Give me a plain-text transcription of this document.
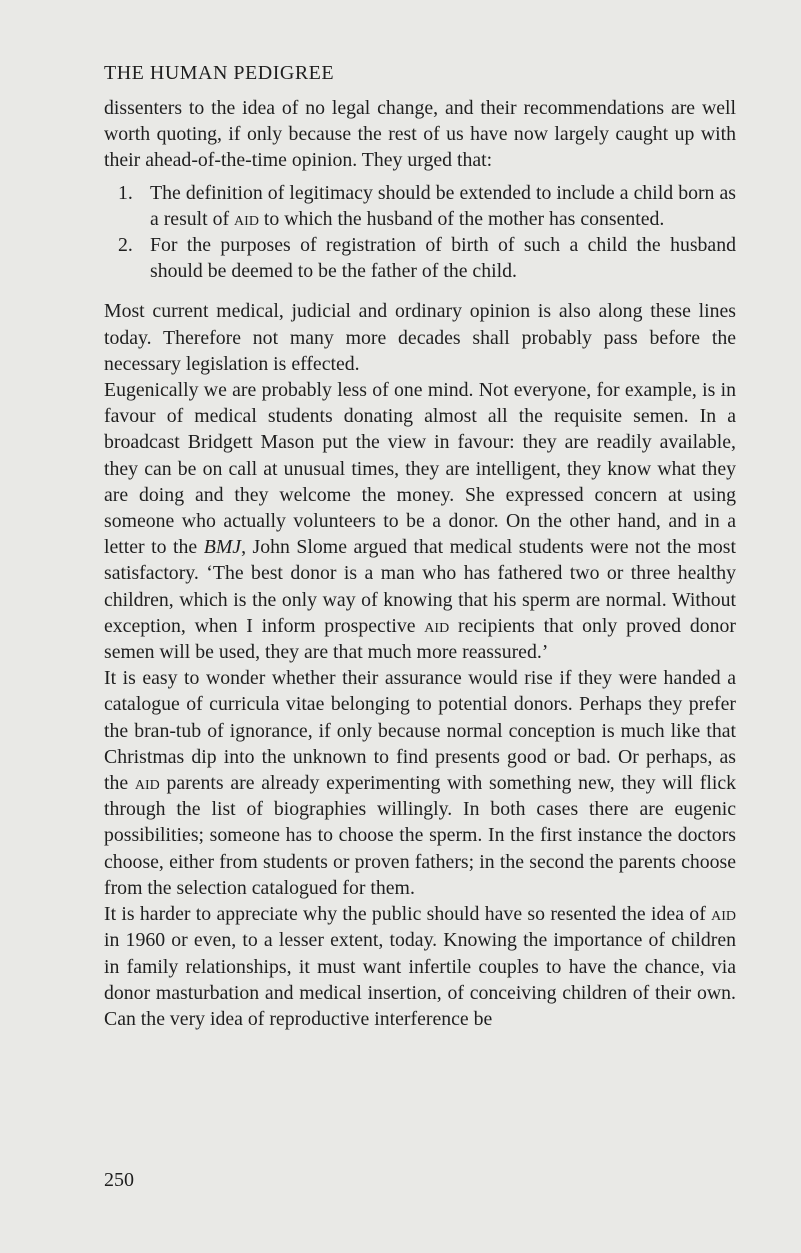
THE HUMAN PEDIGREE

dissenters to the idea of no legal change, and their recommendations are well worth quoting, if only because the rest of us have now largely caught up with their ahead-of-the-time opinion. They urged that:

1. The definition of legitimacy should be extended to include a child born as a result of aid to which the husband of the mother has consented.
2. For the purposes of registration of birth of such a child the husband should be deemed to be the father of the child.

Most current medical, judicial and ordinary opinion is also along these lines today. Therefore not many more decades shall probably pass before the necessary legislation is effected.

Eugenically we are probably less of one mind. Not everyone, for example, is in favour of medical students donating almost all the requisite semen. In a broadcast Bridgett Mason put the view in favour: they are readily available, they can be on call at unusual times, they are intelligent, they know what they are doing and they welcome the money. She expressed concern at using someone who actually volunteers to be a donor. On the other hand, and in a letter to the BMJ, John Slome argued that medical students were not the most satisfactory. ‘The best donor is a man who has fathered two or three healthy children, which is the only way of knowing that his sperm are normal. Without exception, when I inform prospective aid recipients that only proved donor semen will be used, they are that much more reassured.’

It is easy to wonder whether their assurance would rise if they were handed a catalogue of curricula vitae belonging to potential donors. Perhaps they prefer the bran-tub of ignorance, if only because normal conception is much like that Christmas dip into the unknown to find presents good or bad. Or perhaps, as the aid parents are already experimenting with something new, they will flick through the list of biographies willingly. In both cases there are eugenic possibilities; someone has to choose the sperm. In the first instance the doctors choose, either from students or proven fathers; in the second the parents choose from the selection catalogued for them.

It is harder to appreciate why the public should have so resented the idea of aid in 1960 or even, to a lesser extent, today. Knowing the importance of children in family relationships, it must want infertile couples to have the chance, via donor masturbation and medical insertion, of conceiving children of their own. Can the very idea of reproductive interference be

250
